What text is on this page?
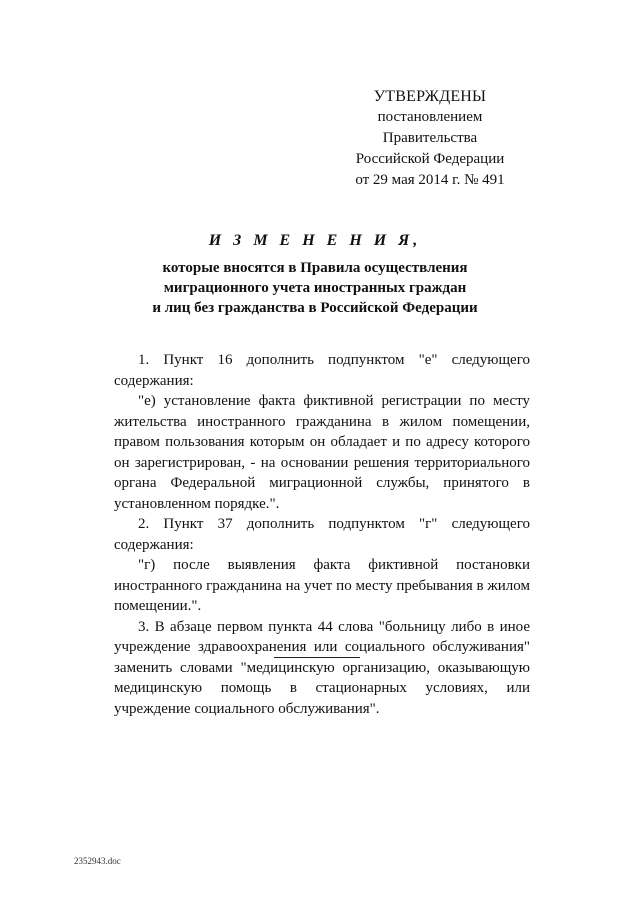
УТВЕРЖДЕНЫ
постановлением Правительства
Российской Федерации
от 29 мая 2014 г. № 491
И З М Е Н Е Н И Я,
которые вносятся в Правила осуществления
миграционного учета иностранных граждан
и лиц без гражданства в Российской Федерации

1. Пункт 16 дополнить подпунктом "е" следующего содержания:

"е) установление факта фиктивной регистрации по месту жительства иностранного гражданина в жилом помещении, правом пользования которым он обладает и по адресу которого он зарегистрирован, - на основании решения территориального органа Федеральной миграционной службы, принятого в установленном порядке.".

2. Пункт 37 дополнить подпунктом "г" следующего содержания:

"г) после выявления факта фиктивной постановки иностранного гражданина на учет по месту пребывания в жилом помещении.".

3. В абзаце первом пункта 44 слова "больницу либо в иное учреждение здравоохранения или социального обслуживания" заменить словами "медицинскую организацию, оказывающую медицинскую помощь в стационарных условиях, или учреждение социального обслуживания".

2352943.doc
